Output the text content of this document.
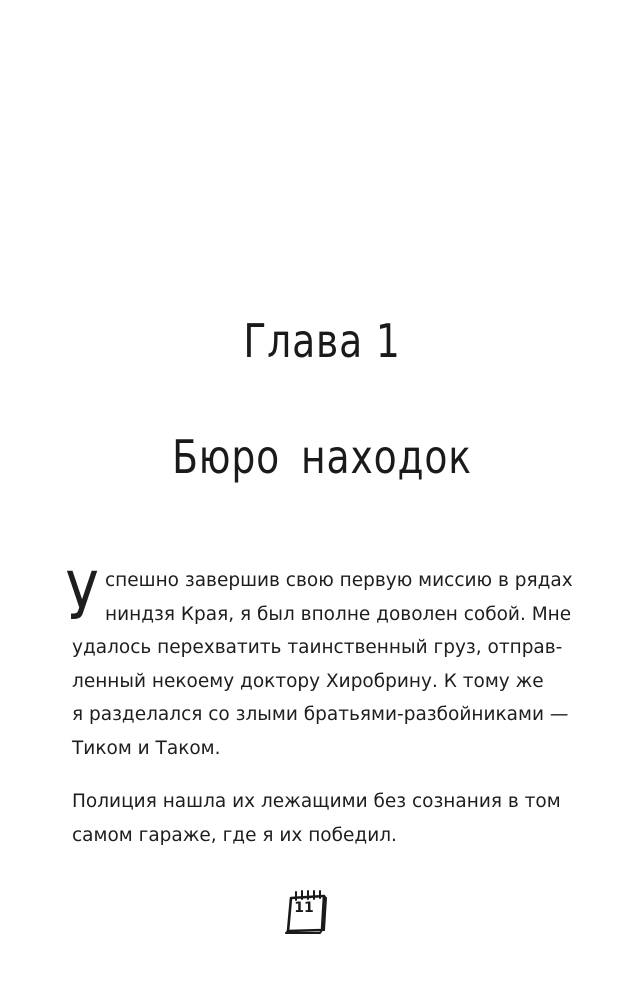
Глава 1
Бюро находок
У спешно завершив свою первую миссию в рядах
ниндзя Края, я был вполне доволен собой. Мне
удалось перехватить таинственный груз, отправ-
ленный некоему доктору Хиробрину. К тому же
я разделался со злыми братьями-разбойниками —
Тиком и Таком.
Полиция нашла их лежащими без сознания в том
самом гараже, где я их победил.
11
